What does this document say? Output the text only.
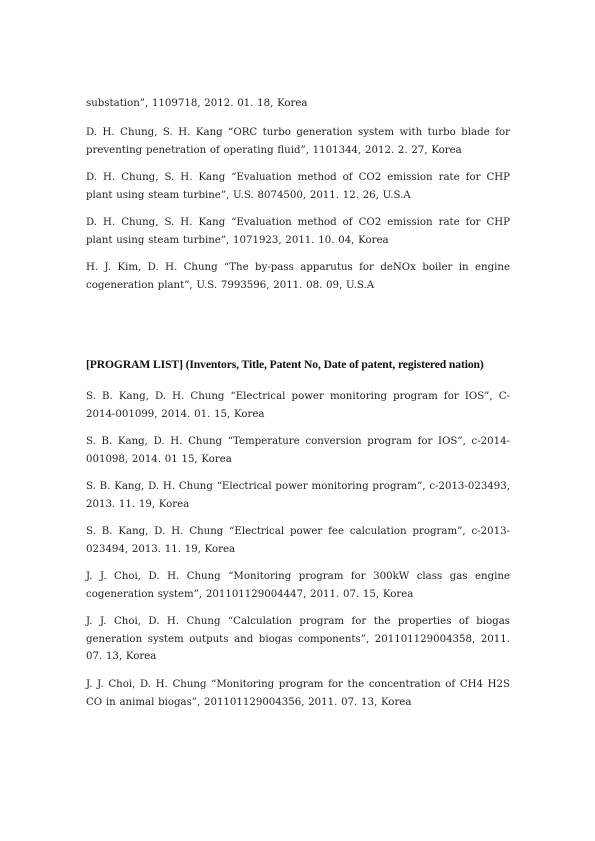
substation”, 1109718, 2012. 01. 18, Korea
D. H. Chung, S. H. Kang “ORC turbo generation system with turbo blade for preventing penetration of operating fluid”, 1101344, 2012. 2. 27, Korea
D. H. Chung, S. H. Kang “Evaluation method of CO2 emission rate for CHP plant using steam turbine”, U.S. 8074500, 2011. 12. 26, U.S.A
D. H. Chung, S. H. Kang “Evaluation method of CO2 emission rate for CHP plant using steam turbine”, 1071923, 2011. 10. 04, Korea
H. J. Kim, D. H. Chung “The by-pass apparutus for deNOx boiler in engine cogeneration plant”, U.S. 7993596, 2011. 08. 09, U.S.A
[PROGRAM LIST] (Inventors, Title, Patent No, Date of patent, registered nation)
S. B. Kang, D. H. Chung “Electrical power monitoring program for IOS”, C-2014-001099, 2014. 01. 15, Korea
S. B. Kang, D. H. Chung “Temperature conversion program for IOS”, c-2014-001098, 2014. 01 15, Korea
S. B. Kang, D. H. Chung “Electrical power monitoring program”, c-2013-023493, 2013. 11. 19, Korea
S. B. Kang, D. H. Chung “Electrical power fee calculation program”, c-2013-023494, 2013. 11. 19, Korea
J. J. Choi, D. H. Chung “Monitoring program for 300kW class gas engine cogeneration system”, 201101129004447, 2011. 07. 15, Korea
J. J. Choi, D. H. Chung “Calculation program for the properties of biogas generation system outputs and biogas components”, 201101129004358, 2011. 07. 13, Korea
J. J. Choi, D. H. Chung “Monitoring program for the concentration of CH4 H2S CO in animal biogas”, 201101129004356, 2011. 07. 13, Korea
